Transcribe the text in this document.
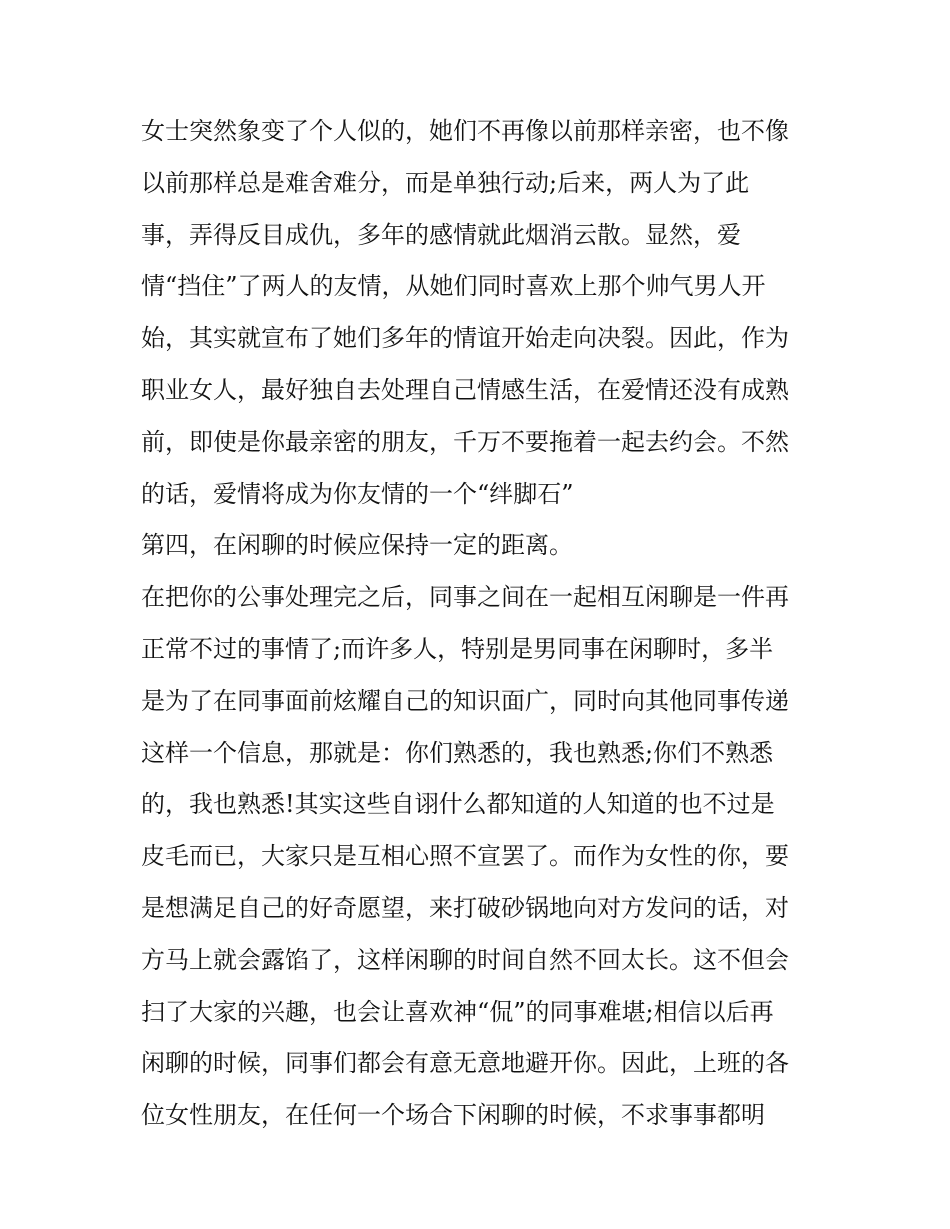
女士突然象变了个人似的，她们不再像以前那样亲密，也不像
以前那样总是难舍难分，而是单独行动;后来，两人为了此
事，弄得反目成仇，多年的感情就此烟消云散。显然，爱
情“挡住”了两人的友情，从她们同时喜欢上那个帅气男人开
始，其实就宣布了她们多年的情谊开始走向决裂。因此，作为
职业女人，最好独自去处理自己情感生活，在爱情还没有成熟
前，即使是你最亲密的朋友，千万不要拖着一起去约会。不然
的话，爱情将成为你友情的一个“绊脚石”
第四，在闲聊的时候应保持一定的距离。
在把你的公事处理完之后，同事之间在一起相互闲聊是一件再
正常不过的事情了;而许多人，特别是男同事在闲聊时，多半
是为了在同事面前炫耀自己的知识面广，同时向其他同事传递
这样一个信息，那就是：你们熟悉的，我也熟悉;你们不熟悉
的，我也熟悉!其实这些自诩什么都知道的人知道的也不过是
皮毛而已，大家只是互相心照不宣罢了。而作为女性的你，要
是想满足自己的好奇愿望，来打破砂锅地向对方发问的话，对
方马上就会露馅了，这样闲聊的时间自然不回太长。这不但会
扫了大家的兴趣，也会让喜欢神“侃”的同事难堪;相信以后再
闲聊的时候，同事们都会有意无意地避开你。因此，上班的各
位女性朋友，在任何一个场合下闲聊的时候，不求事事都明
